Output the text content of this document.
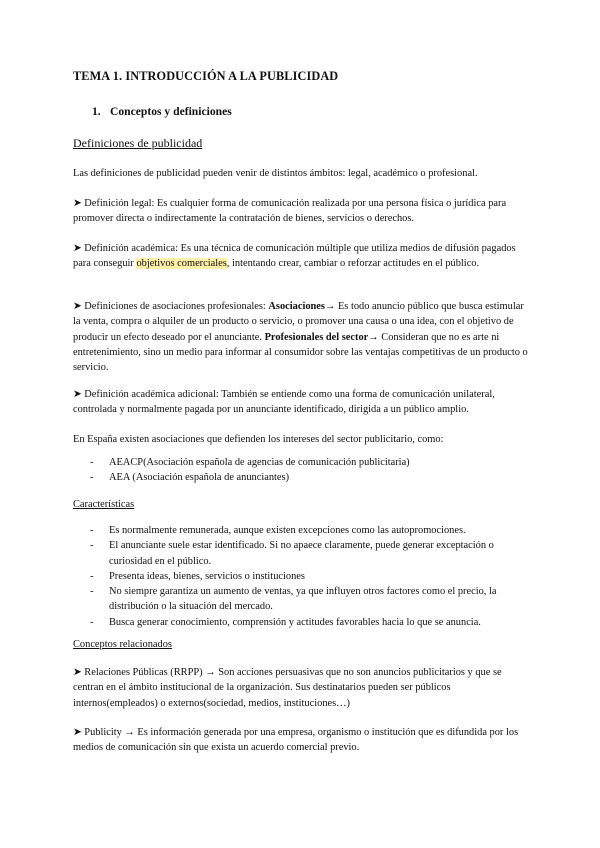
TEMA 1. INTRODUCCIÓN A LA PUBLICIDAD
1. Conceptos y definiciones
Definiciones de publicidad

Las definiciones de publicidad pueden venir de distintos ámbitos: legal, académico o profesional.

➤ Definición legal: Es cualquier forma de comunicación realizada por una persona física o jurídica para promover directa o indirectamente la contratación de bienes, servicios o derechos.

➤ Definición académica: Es una técnica de comunicación múltiple que utiliza medios de difusión pagados para conseguir objetivos comerciales, intentando crear, cambiar o reforzar actitudes en el público.

➤ Definiciones de asociaciones profesionales: Asociaciones→ Es todo anuncio público que busca estimular la venta, compra o alquiler de un producto o servicio, o promover una causa o una idea, con el objetivo de producir un efecto deseado por el anunciante. Profesionales del sector→ Consideran que no es arte ni entretenimiento, sino un medio para informar al consumidor sobre las ventajas competitivas de un producto o servicio.

➤ Definición académica adicional: También se entiende como una forma de comunicación unilateral, controlada y normalmente pagada por un anunciante identificado, dirigida a un público amplio.

En España existen asociaciones que defienden los intereses del sector publicitario, como:

- AEACP(Asociación española de agencias de comunicación publicitaria)
- AEA (Asociación española de anunciantes)
Características
- Es normalmente remunerada, aunque existen excepciones como las autopromociones.
- El anunciante suele estar identificado. Si no apaece claramente, puede generar exceptación o curiosidad en el público.
- Presenta ideas, bienes, servicios o instituciones
- No siempre garantiza un aumento de ventas, ya que influyen otros factores como el precio, la distribución o la situación del mercado.
- Busca generar conocimiento, comprensión y actitudes favorables hacia lo que se anuncia.
Conceptos relacionados

➤ Relaciones Públicas (RRPP) → Son acciones persuasivas que no son anuncios publicitarios y que se centran en el ámbito institucional de la organización. Sus destinatarios pueden ser públicos internos(empleados) o externos(sociedad, medios, instituciones…)

➤ Publicity → Es información generada por una empresa, organismo o institución que es difundida por los medios de comunicación sin que exista un acuerdo comercial previo.
